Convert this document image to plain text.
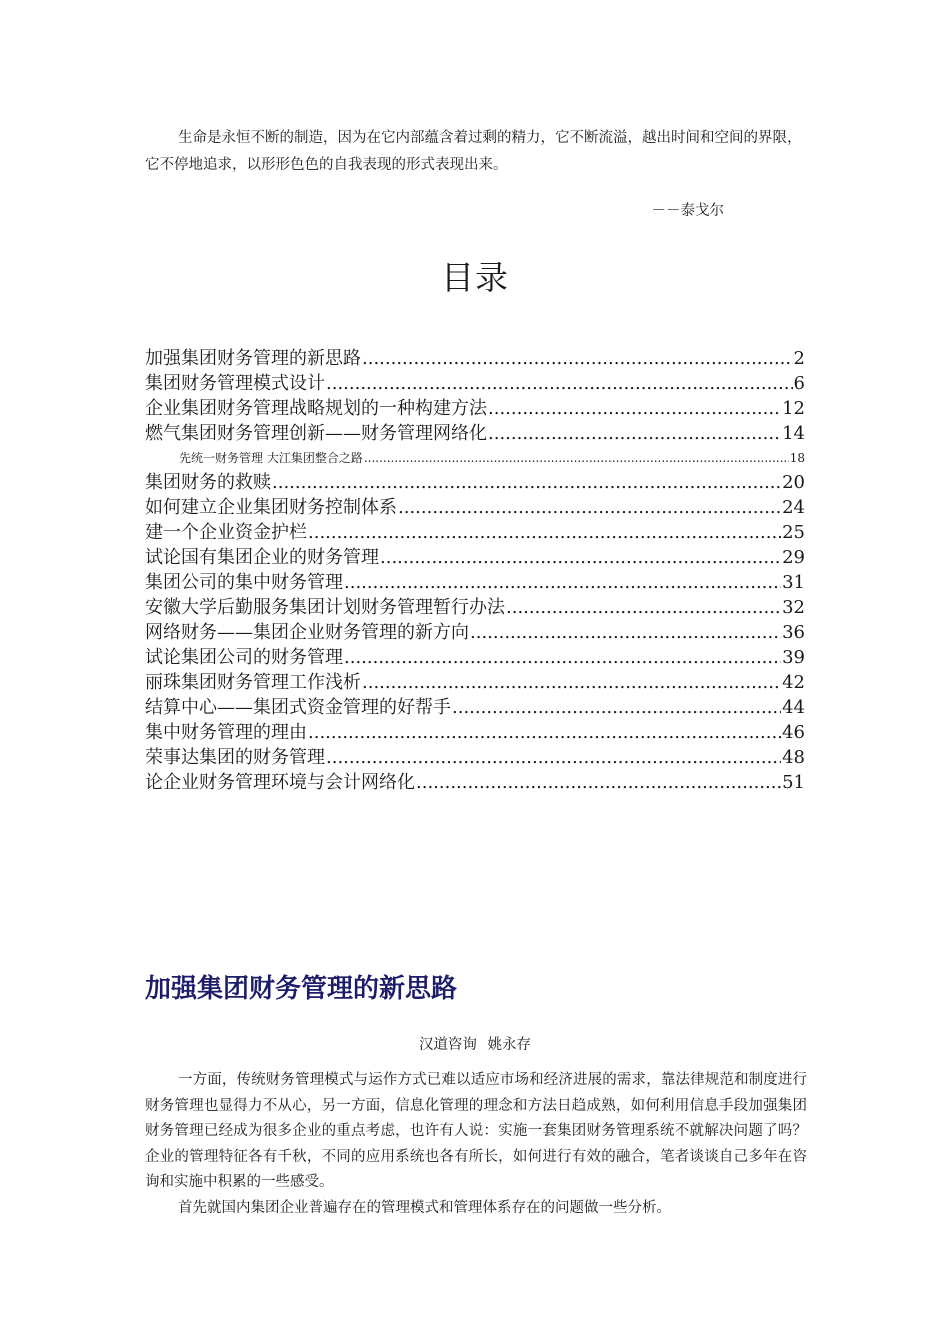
生命是永恒不断的制造，因为在它内部蕴含着过剩的精力，它不断流溢，越出时间和空间的界限，它不停地追求，以形形色色的自我表现的形式表现出来。

－－泰戈尔

目录
加强集团财务管理的新思路 .....	2
集团财务管理模式设计 .....	6
企业集团财务管理战略规划的一种构建方法 .....	12
燃气集团财务管理创新——财务管理网络化 .....	14
先统一财务管理 大江集团整合之路 .....	18
集团财务的救赎 .....	20
如何建立企业集团财务控制体系 .....	24
建一个企业资金护栏 .....	25
试论国有集团企业的财务管理 .....	29
集团公司的集中财务管理 .....	31
安徽大学后勤服务集团计划财务管理暂行办法 .....	32
网络财务——集团企业财务管理的新方向 .....	36
试论集团公司的财务管理 .....	39
丽珠集团财务管理工作浅析 .....	42
结算中心——集团式资金管理的好帮手 .....	44
集中财务管理的理由 .....	46
荣事达集团的财务管理 .....	48
论企业财务管理环境与会计网络化 .....	51
加强集团财务管理的新思路

汉道咨询 姚永存

一方面，传统财务管理模式与运作方式已难以适应市场和经济进展的需求，靠法律规范和制度进行财务管理也显得力不从心，另一方面，信息化管理的理念和方法日趋成熟，如何利用信息手段加强集团财务管理已经成为很多企业的重点考虑，也许有人说：实施一套集团财务管理系统不就解决问题了吗？企业的管理特征各有千秋，不同的应用系统也各有所长，如何进行有效的融合，笔者谈谈自己多年在咨询和实施中积累的一些感受。

首先就国内集团企业普遍存在的管理模式和管理体系存在的问题做一些分析。
